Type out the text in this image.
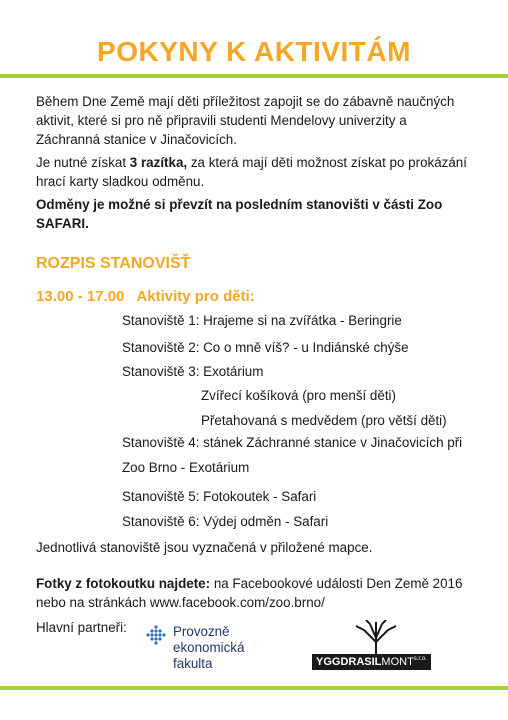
POKYNY K AKTIVITÁM

Během Dne Země mají děti příležitost zapojit se do zábavně naučných aktivit, které si pro ně připravili studenti Mendelovy univerzity a Záchranná stanice v Jinačovicích.

Je nutné získat 3 razítka, za která mají děti možnost získat po prokázání hrací karty sladkou odměnu.

Odměny je možné si převzít na posledním stanovišti v části Zoo SAFARI.

ROZPIS STANOVIŠŤ
13.00 - 17.00 Aktivity pro děti:
Stanoviště 1: Hrajeme si na zvířátka - Beringrie
Stanoviště 2: Co o mně víš? - u Indiánské chýše
Stanoviště 3: Exotárium
Zvířecí košíková (pro menší děti)
Přetahovaná s medvědem (pro větší děti)
Stanoviště 4: stánek Záchranné stanice v Jinačovicích při
Zoo Brno - Exotárium
Stanoviště 5: Fotokoutek - Safari
Stanoviště 6: Výdej odměn - Safari
Jednotlivá stanoviště jsou vyznačená v přiložené mapce.
Fotky z fotokoutku najdete: na Facebookové události Den Země 2016 nebo na stránkách www.facebook.com/zoo.brno/
Hlavní partneři:	Provozně
ekonomická
fakulta	$YGGDRASILMONT^{s.r.o.}$
